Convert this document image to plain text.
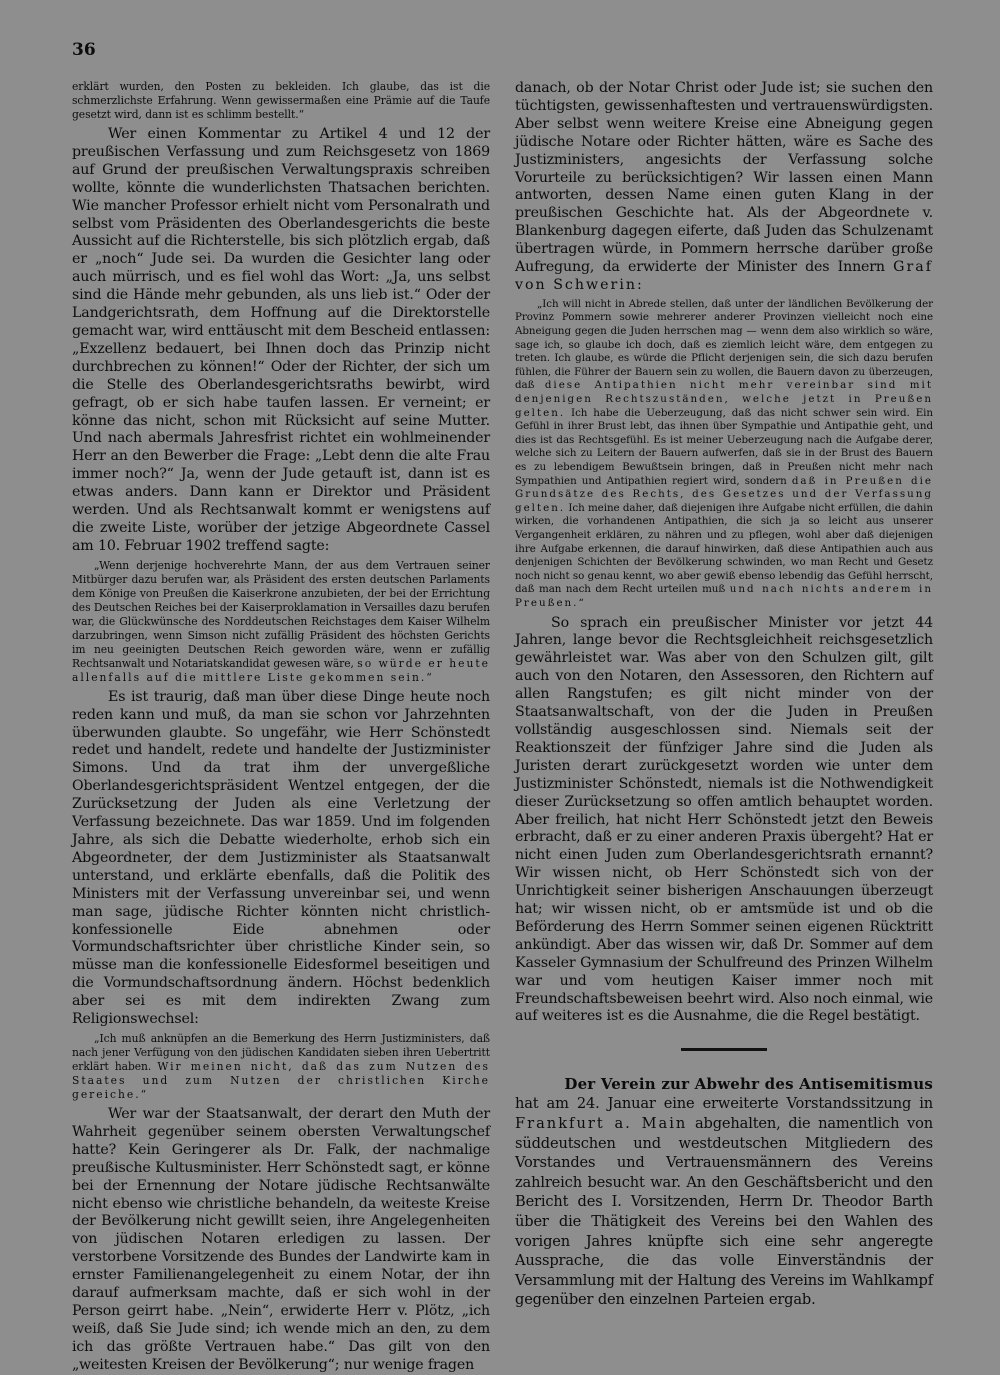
36

erklärt wurden, den Posten zu bekleiden. Ich glaube, das ist die schmerzlichste Erfahrung. Wenn gewissermaßen eine Prämie auf die Taufe gesetzt wird, dann ist es schlimm bestellt.“

Wer einen Kommentar zu Artikel 4 und 12 der preußischen Verfassung und zum Reichsgesetz von 1869 auf Grund der preußischen Verwaltungspraxis schreiben wollte, könnte die wunderlichsten Thatsachen berichten. Wie mancher Professor erhielt nicht vom Personalrath und selbst vom Präsidenten des Oberlandesgerichts die beste Aussicht auf die Richterstelle, bis sich plötzlich ergab, daß er „noch“ Jude sei. Da wurden die Gesichter lang oder auch mürrisch, und es fiel wohl das Wort: „Ja, uns selbst sind die Hände mehr gebunden, als uns lieb ist.“ Oder der Landgerichtsrath, dem Hoffnung auf die Direktorstelle gemacht war, wird enttäuscht mit dem Bescheid entlassen: „Exzellenz bedauert, bei Ihnen doch das Prinzip nicht durchbrechen zu können!“ Oder der Richter, der sich um die Stelle des Oberlandesgerichtsraths bewirbt, wird gefragt, ob er sich habe taufen lassen. Er verneint; er könne das nicht, schon mit Rücksicht auf seine Mutter. Und nach abermals Jahresfrist richtet ein wohlmeinender Herr an den Bewerber die Frage: „Lebt denn die alte Frau immer noch?“ Ja, wenn der Jude getauft ist, dann ist es etwas anders. Dann kann er Direktor und Präsident werden. Und als Rechtsanwalt kommt er wenigstens auf die zweite Liste, worüber der jetzige Abgeordnete Cassel am 10. Februar 1902 treffend sagte:

„Wenn derjenige hochverehrte Mann, der aus dem Vertrauen seiner Mitbürger dazu berufen war, als Präsident des ersten deutschen Parlaments dem Könige von Preußen die Kaiserkrone anzubieten, der bei der Errichtung des Deutschen Reiches bei der Kaiserproklamation in Versailles dazu berufen war, die Glückwünsche des Norddeutschen Reichstages dem Kaiser Wilhelm darzubringen, wenn Simson nicht zufällig Präsident des höchsten Gerichts im neu geeinigten Deutschen Reich geworden wäre, wenn er zufällig Rechtsanwalt und Notariatskandidat gewesen wäre, so würde er heute allenfalls auf die mittlere Liste gekommen sein.“

Es ist traurig, daß man über diese Dinge heute noch reden kann und muß, da man sie schon vor Jahrzehnten überwunden glaubte. So ungefähr, wie Herr Schönstedt redet und handelt, redete und handelte der Justizminister Simons. Und da trat ihm der unvergeßliche Oberlandesgerichtspräsident Wentzel entgegen, der die Zurücksetzung der Juden als eine Verletzung der Verfassung bezeichnete. Das war 1859. Und im folgenden Jahre, als sich die Debatte wiederholte, erhob sich ein Abgeordneter, der dem Justizminister als Staatsanwalt unterstand, und erklärte ebenfalls, daß die Politik des Ministers mit der Verfassung unvereinbar sei, und wenn man sage, jüdische Richter könnten nicht christlich-konfessionelle Eide abnehmen oder Vormundschaftsrichter über christliche Kinder sein, so müsse man die konfessionelle Eidesformel beseitigen und die Vormundschaftsordnung ändern. Höchst bedenklich aber sei es mit dem indirekten Zwang zum Religionswechsel:

„Ich muß anknüpfen an die Bemerkung des Herrn Justizministers, daß nach jener Verfügung von den jüdischen Kandidaten sieben ihren Uebertritt erklärt haben. Wir meinen nicht, daß das zum Nutzen des Staates und zum Nutzen der christlichen Kirche gereiche.“

Wer war der Staatsanwalt, der derart den Muth der Wahrheit gegenüber seinem obersten Verwaltungschef hatte? Kein Geringerer als Dr. Falk, der nachmalige preußische Kultusminister. Herr Schönstedt sagt, er könne bei der Ernennung der Notare jüdische Rechtsanwälte nicht ebenso wie christliche behandeln, da weiteste Kreise der Bevölkerung nicht gewillt seien, ihre Angelegenheiten von jüdischen Notaren erledigen zu lassen. Der verstorbene Vorsitzende des Bundes der Landwirte kam in ernster Familienangelegenheit zu einem Notar, der ihn darauf aufmerksam machte, daß er sich wohl in der Person geirrt habe. „Nein“, erwiderte Herr v. Plötz, „ich weiß, daß Sie Jude sind; ich wende mich an den, zu dem ich das größte Vertrauen habe.“ Das gilt von den „weitesten Kreisen der Bevölkerung“; nur wenige fragen

danach, ob der Notar Christ oder Jude ist; sie suchen den tüchtigsten, gewissenhaftesten und vertrauenswürdigsten. Aber selbst wenn weitere Kreise eine Abneigung gegen jüdische Notare oder Richter hätten, wäre es Sache des Justizministers, angesichts der Verfassung solche Vorurteile zu berücksichtigen? Wir lassen einen Mann antworten, dessen Name einen guten Klang in der preußischen Geschichte hat. Als der Abgeordnete v. Blankenburg dagegen eiferte, daß Juden das Schulzenamt übertragen würde, in Pommern herrsche darüber große Aufregung, da erwiderte der Minister des Innern Graf von Schwerin:

„Ich will nicht in Abrede stellen, daß unter der ländlichen Bevölkerung der Provinz Pommern sowie mehrerer anderer Provinzen vielleicht noch eine Abneigung gegen die Juden herrschen mag — wenn dem also wirklich so wäre, sage ich, so glaube ich doch, daß es ziemlich leicht wäre, dem entgegen zu treten. Ich glaube, es würde die Pflicht derjenigen sein, die sich dazu berufen fühlen, die Führer der Bauern sein zu wollen, die Bauern davon zu überzeugen, daß diese Antipathien nicht mehr vereinbar sind mit denjenigen Rechtszuständen, welche jetzt in Preußen gelten. Ich habe die Ueberzeugung, daß das nicht schwer sein wird. Ein Gefühl in ihrer Brust lebt, das ihnen über Sympathie und Antipathie geht, und dies ist das Rechtsgefühl. Es ist meiner Ueberzeugung nach die Aufgabe derer, welche sich zu Leitern der Bauern aufwerfen, daß sie in der Brust des Bauern es zu lebendigem Bewußtsein bringen, daß in Preußen nicht mehr nach Sympathien und Antipathien regiert wird, sondern daß in Preußen die Grundsätze des Rechts, des Gesetzes und der Verfassung gelten. Ich meine daher, daß diejenigen ihre Aufgabe nicht erfüllen, die dahin wirken, die vorhandenen Antipathien, die sich ja so leicht aus unserer Vergangenheit erklären, zu nähren und zu pflegen, wohl aber daß diejenigen ihre Aufgabe erkennen, die darauf hinwirken, daß diese Antipathien auch aus denjenigen Schichten der Bevölkerung schwinden, wo man Recht und Gesetz noch nicht so genau kennt, wo aber gewiß ebenso lebendig das Gefühl herrscht, daß man nach dem Recht urteilen muß und nach nichts anderem in Preußen.“

So sprach ein preußischer Minister vor jetzt 44 Jahren, lange bevor die Rechtsgleichheit reichsgesetzlich gewährleistet war. Was aber von den Schulzen gilt, gilt auch von den Notaren, den Assessoren, den Richtern auf allen Rangstufen; es gilt nicht minder von der Staatsanwaltschaft, von der die Juden in Preußen vollständig ausgeschlossen sind. Niemals seit der Reaktionszeit der fünfziger Jahre sind die Juden als Juristen derart zurückgesetzt worden wie unter dem Justizminister Schönstedt, niemals ist die Nothwendigkeit dieser Zurücksetzung so offen amtlich behauptet worden. Aber freilich, hat nicht Herr Schönstedt jetzt den Beweis erbracht, daß er zu einer anderen Praxis übergeht? Hat er nicht einen Juden zum Oberlandesgerichtsrath ernannt? Wir wissen nicht, ob Herr Schönstedt sich von der Unrichtigkeit seiner bisherigen Anschauungen überzeugt hat; wir wissen nicht, ob er amtsmüde ist und ob die Beförderung des Herrn Sommer seinen eigenen Rücktritt ankündigt. Aber das wissen wir, daß Dr. Sommer auf dem Kasseler Gymnasium der Schulfreund des Prinzen Wilhelm war und vom heutigen Kaiser immer noch mit Freundschaftsbeweisen beehrt wird. Also noch einmal, wie auf weiteres ist es die Ausnahme, die die Regel bestätigt.

Der Verein zur Abwehr des Antisemitismus

hat am 24. Januar eine erweiterte Vorstandssitzung in Frankfurt a. Main abgehalten, die namentlich von süddeutschen und westdeutschen Mitgliedern des Vorstandes und Vertrauensmännern des Vereins zahlreich besucht war. An den Geschäftsbericht und den Bericht des I. Vorsitzenden, Herrn Dr. Theodor Barth über die Thätigkeit des Vereins bei den Wahlen des vorigen Jahres knüpfte sich eine sehr angeregte Aussprache, die das volle Einverständnis der Versammlung mit der Haltung des Vereins im Wahlkampf gegenüber den einzelnen Parteien ergab.
